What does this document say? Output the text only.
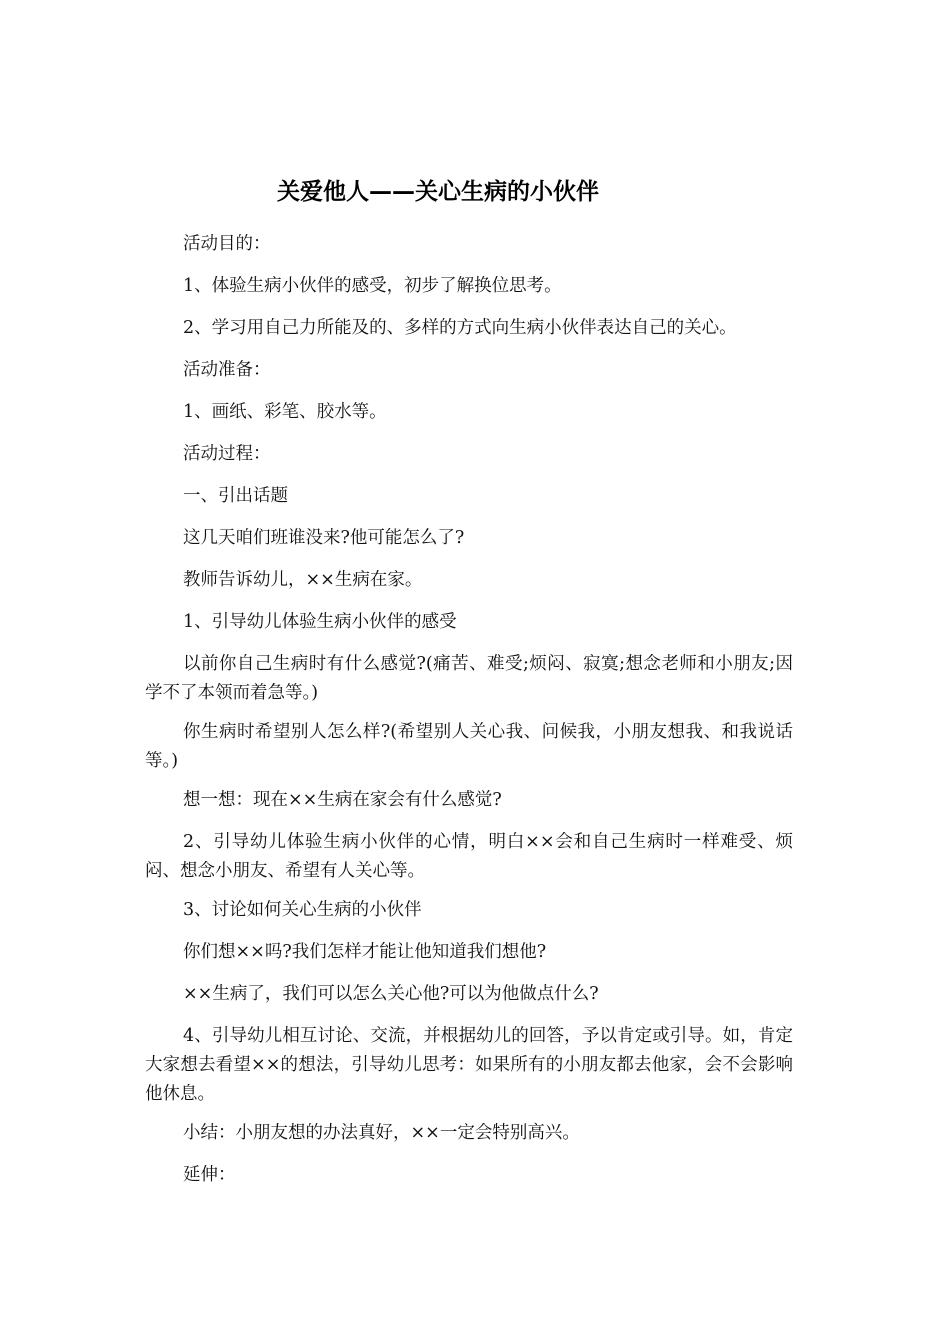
关爱他人——关心生病的小伙伴

活动目的：

1、体验生病小伙伴的感受，初步了解换位思考。

2、学习用自己力所能及的、多样的方式向生病小伙伴表达自己的关心。

活动准备：

1、画纸、彩笔、胶水等。

活动过程：

一、引出话题

这几天咱们班谁没来?他可能怎么了?

教师告诉幼儿，××生病在家。

1、引导幼儿体验生病小伙伴的感受

以前你自己生病时有什么感觉?(痛苦、难受;烦闷、寂寞;想念老师和小朋友;因学不了本领而着急等。)

你生病时希望别人怎么样?(希望别人关心我、问候我，小朋友想我、和我说话等。)

想一想：现在××生病在家会有什么感觉?

2、引导幼儿体验生病小伙伴的心情，明白××会和自己生病时一样难受、烦闷、想念小朋友、希望有人关心等。

3、讨论如何关心生病的小伙伴

你们想××吗?我们怎样才能让他知道我们想他?

××生病了，我们可以怎么关心他?可以为他做点什么?

4、引导幼儿相互讨论、交流，并根据幼儿的回答，予以肯定或引导。如，肯定大家想去看望××的想法，引导幼儿思考：如果所有的小朋友都去他家，会不会影响他休息。

小结：小朋友想的办法真好，××一定会特别高兴。

延伸：
